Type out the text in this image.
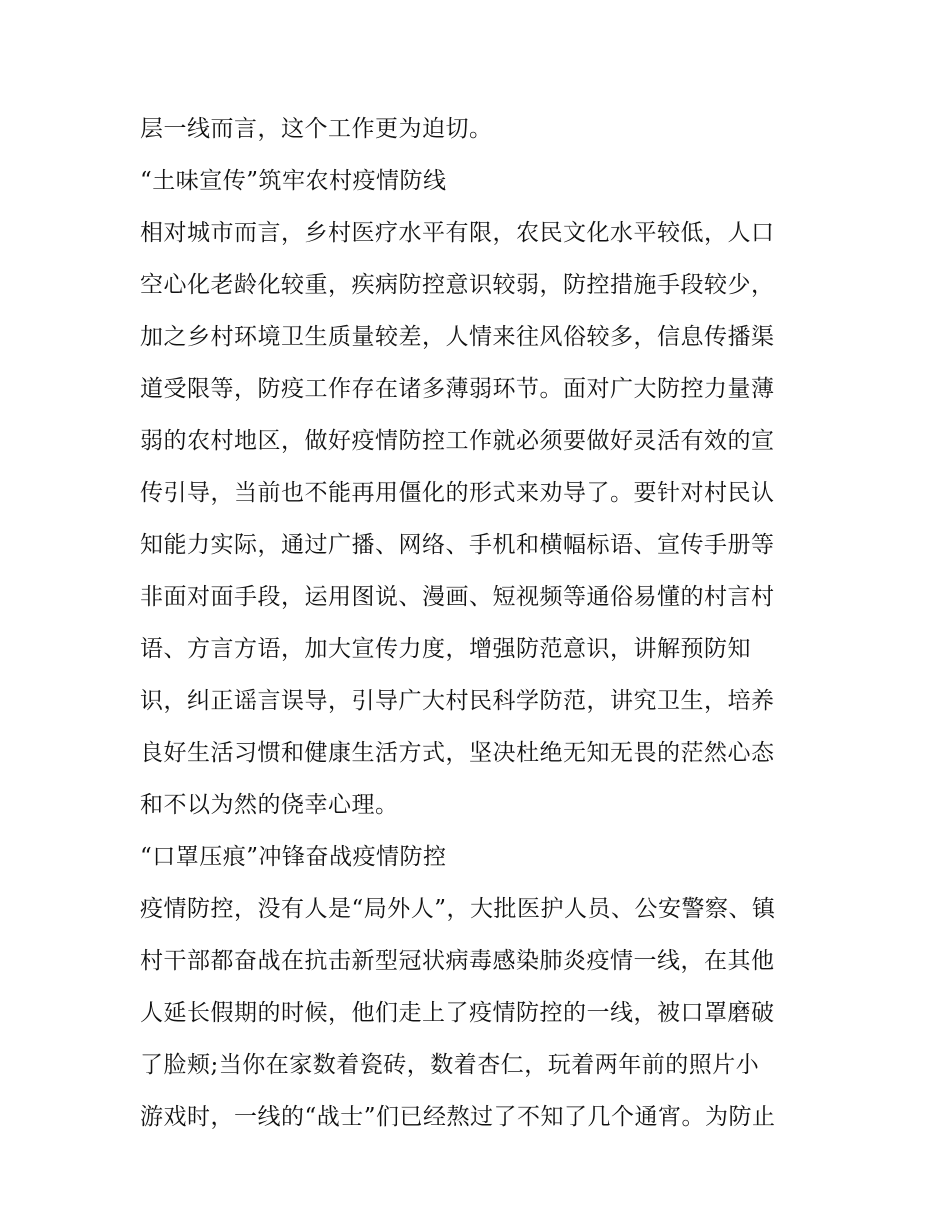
层一线而言，这个工作更为迫切。
“土味宣传”筑牢农村疫情防线
相对城市而言，乡村医疗水平有限，农民文化水平较低，人口
空心化老龄化较重，疾病防控意识较弱，防控措施手段较少，
加之乡村环境卫生质量较差，人情来往风俗较多，信息传播渠
道受限等，防疫工作存在诸多薄弱环节。面对广大防控力量薄
弱的农村地区，做好疫情防控工作就必须要做好灵活有效的宣
传引导，当前也不能再用僵化的形式来劝导了。要针对村民认
知能力实际，通过广播、网络、手机和横幅标语、宣传手册等
非面对面手段，运用图说、漫画、短视频等通俗易懂的村言村
语、方言方语，加大宣传力度，增强防范意识，讲解预防知
识，纠正谣言误导，引导广大村民科学防范，讲究卫生，培养
良好生活习惯和健康生活方式，坚决杜绝无知无畏的茫然心态
和不以为然的侥幸心理。
“口罩压痕”冲锋奋战疫情防控
疫情防控，没有人是“局外人”，大批医护人员、公安警察、镇
村干部都奋战在抗击新型冠状病毒感染肺炎疫情一线，在其他
人延长假期的时候，他们走上了疫情防控的一线，被口罩磨破
了脸颊;当你在家数着瓷砖，数着杏仁，玩着两年前的照片小
游戏时，一线的“战士”们已经熬过了不知了几个通宵。为防止
